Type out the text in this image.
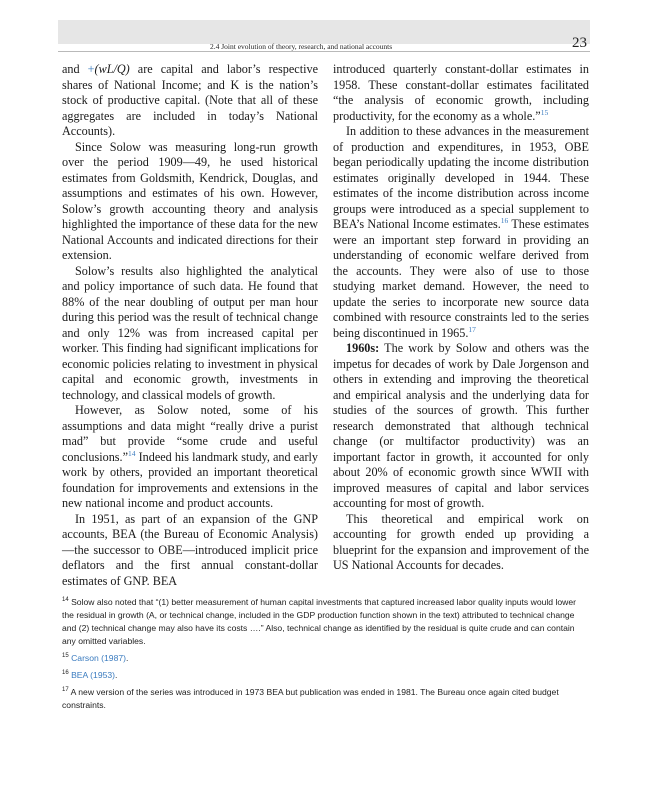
2.4 Joint evolution of theory, research, and national accounts	23

and +(wL/Q) are capital and labor’s respective shares of National Income; and K is the nation’s stock of productive capital. (Note that all of these aggregates are included in today’s National Accounts).

Since Solow was measuring long-run growth over the period 1909—49, he used historical estimates from Goldsmith, Kendrick, Douglas, and assumptions and estimates of his own. However, Solow’s growth accounting theory and analysis highlighted the importance of these data for the new National Accounts and indicated directions for their extension.

Solow’s results also highlighted the analytical and policy importance of such data. He found that 88% of the near doubling of output per man hour during this period was the result of technical change and only 12% was from increased capital per worker. This finding had significant implications for economic policies relating to investment in physical capital and economic growth, investments in technology, and classical models of growth.

However, as Solow noted, some of his assumptions and data might “really drive a purist mad” but provide “some crude and useful conclusions.”$^{14}$ Indeed his landmark study, and early work by others, provided an important theoretical foundation for improvements and extensions in the new national income and product accounts.

In 1951, as part of an expansion of the GNP accounts, BEA (the Bureau of Economic Analysis)—the successor to OBE—introduced implicit price deflators and the first annual constant-dollar estimates of GNP. BEA

introduced quarterly constant-dollar estimates in 1958. These constant-dollar estimates facilitated “the analysis of economic growth, including productivity, for the economy as a whole.”$^{15}$

In addition to these advances in the measurement of production and expenditures, in 1953, OBE began periodically updating the income distribution estimates originally developed in 1944. These estimates of the income distribution across income groups were introduced as a special supplement to BEA’s National Income estimates.$^{16}$ These estimates were an important step forward in providing an understanding of economic welfare derived from the accounts. They were also of use to those studying market demand. However, the need to update the series to incorporate new source data combined with resource constraints led to the series being discontinued in 1965.17

1960s: The work by Solow and others was the impetus for decades of work by Dale Jorgenson and others in extending and improving the theoretical and empirical analysis and the underlying data for studies of the sources of growth. This further research demonstrated that although technical change (or multifactor productivity) was an important factor in growth, it accounted for only about 20% of economic growth since WWII with improved measures of capital and labor services accounting for most of growth.

This theoretical and empirical work on accounting for growth ended up providing a blueprint for the expansion and improvement of the US National Accounts for decades.

$^{14}$ Solow also noted that “(1) better measurement of human capital investments that captured increased labor quality inputs would lower the residual in growth (A, or technical change, included in the GDP production function shown in the text) attributed to technical change and (2) technical change may also have its costs ….” Also, technical change as identified by the residual is quite crude and can contain any omitted variables.

$^{15}$ Carson (1987).

$^{16}$ BEA (1953).

$^{17}$ A new version of the series was introduced in 1973 BEA but publication was ended in 1981. The Bureau once again cited budget constraints.
